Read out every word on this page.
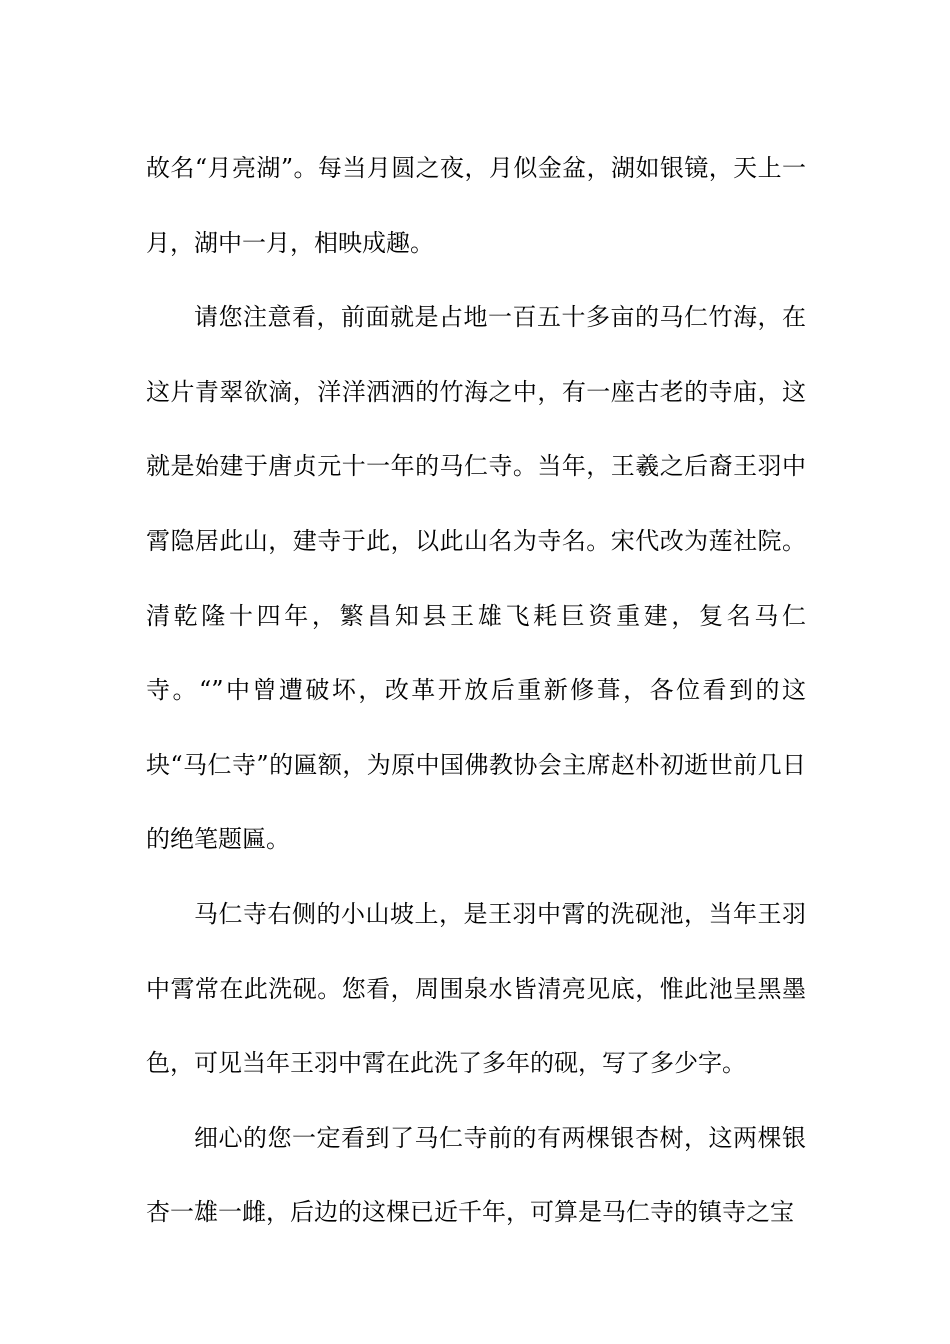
故名“月亮湖”。每当月圆之夜，月似金盆，湖如银镜，天上一月，湖中一月，相映成趣。

请您注意看，前面就是占地一百五十多亩的马仁竹海，在这片青翠欲滴，洋洋洒洒的竹海之中，有一座古老的寺庙，这就是始建于唐贞元十一年的马仁寺。当年，王羲之后裔王羽中霄隐居此山，建寺于此，以此山名为寺名。宋代改为莲社院。清乾隆十四年，繁昌知县王雄飞耗巨资重建，复名马仁寺。“”中曾遭破坏，改革开放后重新修葺，各位看到的这块“马仁寺”的匾额，为原中国佛教协会主席赵朴初逝世前几日的绝笔题匾。

马仁寺右侧的小山坡上，是王羽中霄的洗砚池，当年王羽中霄常在此洗砚。您看，周围泉水皆清亮见底，惟此池呈黑墨色，可见当年王羽中霄在此洗了多年的砚，写了多少字。

细心的您一定看到了马仁寺前的有两棵银杏树，这两棵银杏一雄一雌，后边的这棵已近千年，可算是马仁寺的镇寺之宝
